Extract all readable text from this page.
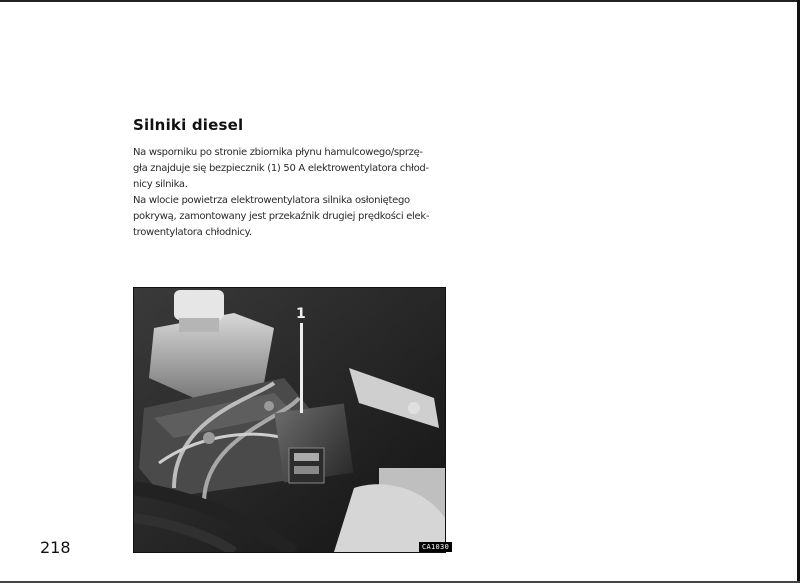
Silniki diesel

Na wsporniku po stronie zbiornika płynu hamulcowego/sprzę-
gła znajduje się bezpiecznik (1) 50 A elektrowentylatora chłod-
nicy silnika.

Na wlocie powietrza elektrowentylatora silnika osłoniętego
pokrywą, zamontowany jest przekaźnik drugiej prędkości elek-
trowentylatora chłodnicy.

1
CA1030
218
